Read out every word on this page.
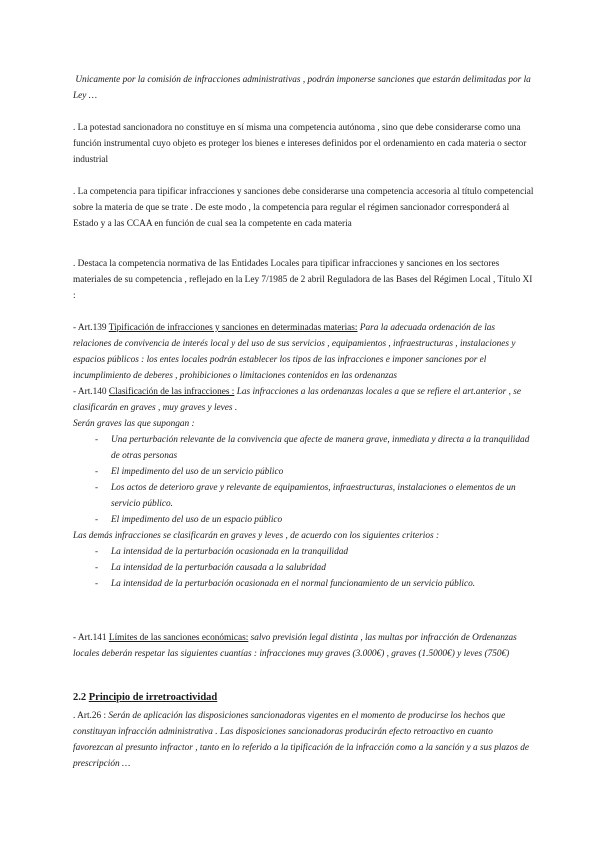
Unicamente por la comisión de infracciones administrativas , podrán imponerse sanciones que estarán delimitadas por la Ley …

. La potestad sancionadora no constituye en sí misma una competencia autónoma , sino que debe considerarse como una función instrumental cuyo objeto es proteger los bienes e intereses definidos por el ordenamiento en cada materia o sector industrial

. La competencia para tipificar infracciones y sanciones debe considerarse una competencia accesoria al título competencial sobre la materia de que se trate . De este modo , la competencia para regular el régimen sancionador corresponderá al Estado y a las CCAA en función de cual sea la competente en cada materia

. Destaca la competencia normativa de las Entidades Locales para tipificar infracciones y sanciones en los sectores materiales de su competencia , reflejado en la Ley 7/1985 de 2 abril Reguladora de las Bases del Régimen Local , Título XI :

- Art.139 Tipificación de infracciones y sanciones en determinadas materias: Para la adecuada ordenación de las relaciones de convivencia de interés local y del uso de sus servicios , equipamientos , infraestructuras , instalaciones y espacios públicos : los entes locales podrán establecer los tipos de las infracciones e imponer sanciones por el incumplimiento de deberes , prohibiciones o limitaciones contenidos en las ordenanzas

- Art.140 Clasificación de las infracciones : Las infracciones a las ordenanzas locales a que se refiere el art.anterior , se clasificarán en graves , muy graves y leves .

Serán graves las que supongan :

- Una perturbación relevante de la convivencia que afecte de manera grave, inmediata y directa a la tranquilidad de otras personas
- El impedimento del uso de un servicio público
- Los actos de deterioro grave y relevante de equipamientos, infraestructuras, instalaciones o elementos de un servicio público.
- El impedimento del uso de un espacio público

Las demás infracciones se clasificarán en graves y leves , de acuerdo con los siguientes criterios :

- La intensidad de la perturbación ocasionada en la tranquilidad
- La intensidad de la perturbación causada a la salubridad
- La intensidad de la perturbación ocasionada en el normal funcionamiento de un servicio público.

- Art.141 Límites de las sanciones económicas: salvo previsión legal distinta , las multas por infracción de Ordenanzas locales deberán respetar las siguientes cuantías : infracciones muy graves (3.000€) , graves (1.5000€) y leves (750€)

2.2 Principio de irretroactividad

. Art.26 : Serán de aplicación las disposiciones sancionadoras vigentes en el momento de producirse los hechos que constituyan infracción administrativa . Las disposiciones sancionadoras producirán efecto retroactivo en cuanto favorezcan al presunto infractor , tanto en lo referido a la tipificación de la infracción como a la sanción y a sus plazos de prescripción …
